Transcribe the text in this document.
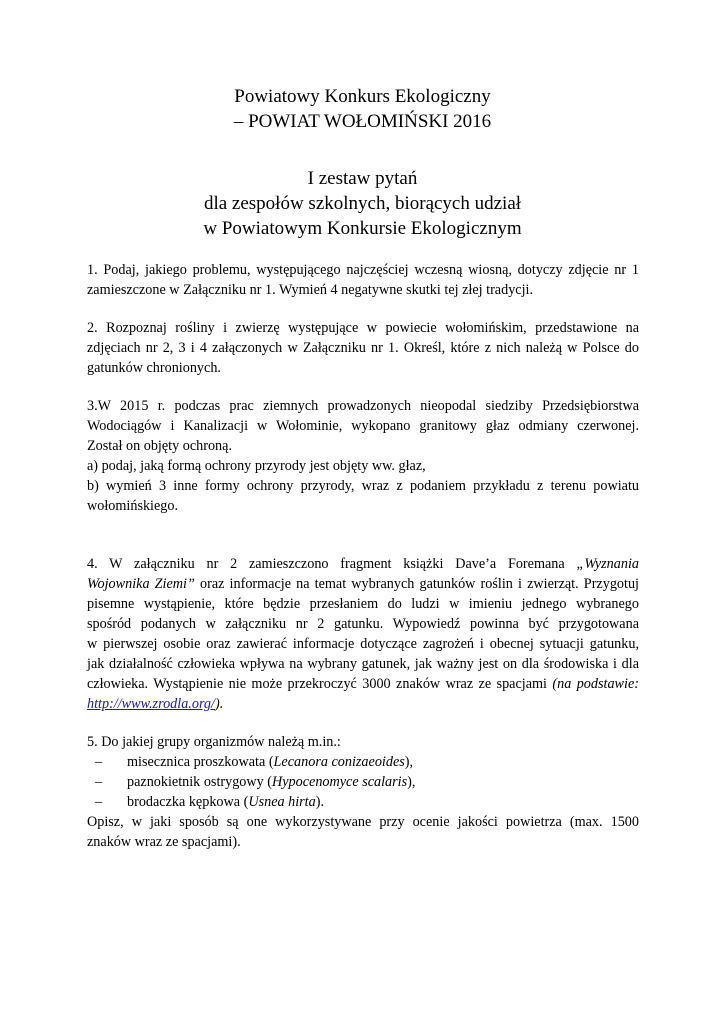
Powiatowy Konkurs Ekologiczny
– POWIAT WOŁOMIŃSKI 2016
I zestaw pytań
dla zespołów szkolnych, biorących udział
w Powiatowym Konkursie Ekologicznym

1. Podaj, jakiego problemu, występującego najczęściej wczesną wiosną, dotyczy zdjęcie nr 1

zamieszczone w Załączniku nr 1. Wymień 4 negatywne skutki tej złej tradycji.

2. Rozpoznaj rośliny i zwierzę występujące w powiecie wołomińskim, przedstawione na

zdjęciach nr 2, 3 i 4 załączonych w Załączniku nr 1. Określ, które z nich należą w Polsce do

gatunków chronionych.

3.W 2015 r. podczas prac ziemnych prowadzonych nieopodal siedziby Przedsiębiorstwa

Wodociągów i Kanalizacji w Wołominie, wykopano granitowy głaz odmiany czerwonej.

Został on objęty ochroną.

a) podaj, jaką formą ochrony przyrody jest objęty ww. głaz,

b) wymień 3 inne formy ochrony przyrody, wraz z podaniem przykładu z terenu powiatu

wołomińskiego.

4. W załączniku nr 2 zamieszczono fragment książki Dave’a Foremana „Wyznania

Wojownika Ziemi” oraz informacje na temat wybranych gatunków roślin i zwierząt. Przygotuj

pisemne wystąpienie, które będzie przesłaniem do ludzi w imieniu jednego wybranego

spośród podanych w załączniku nr 2 gatunku. Wypowiedź powinna być przygotowana

w pierwszej osobie oraz zawierać informacje dotyczące zagrożeń i obecnej sytuacji gatunku,

jak działalność człowieka wpływa na wybrany gatunek, jak ważny jest on dla środowiska i dla

człowieka. Wystąpienie nie może przekroczyć 3000 znaków wraz ze spacjami (na podstawie:

http://www.zrodla.org/).

5. Do jakiej grupy organizmów należą m.in.:

–	misecznica proszkowata (Lecanora conizaeoides),
–	paznokietnik ostrygowy (Hypocenomyce scalaris),
–	brodaczka kępkowa (Usnea hirta).

Opisz, w jaki sposób są one wykorzystywane przy ocenie jakości powietrza (max. 1500

znaków wraz ze spacjami).
